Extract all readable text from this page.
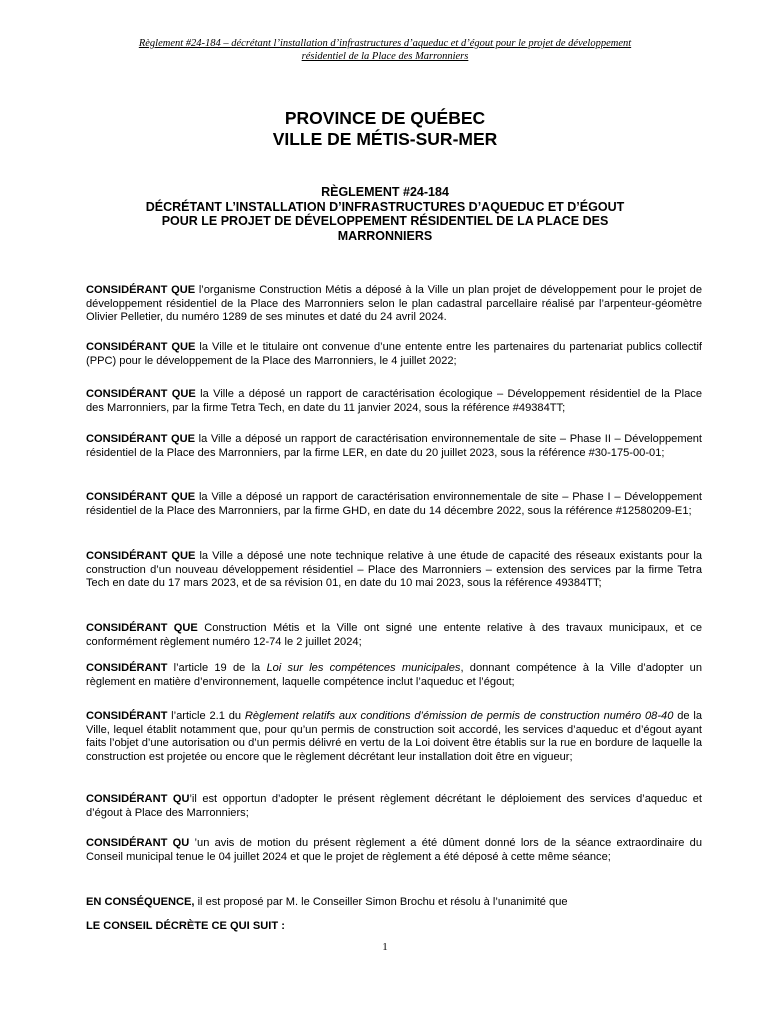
Règlement #24-184 – décrétant l’installation d’infrastructures d’aqueduc et d’égout pour le projet de développement
résidentiel de la Place des Marronniers
PROVINCE DE QUÉBEC
VILLE DE MÉTIS-SUR-MER
RÈGLEMENT #24-184
DÉCRÉTANT L’INSTALLATION D’INFRASTRUCTURES D’AQUEDUC ET D’ÉGOUT
POUR LE PROJET DE DÉVELOPPEMENT RÉSIDENTIEL DE LA PLACE DES
MARRONNIERS
CONSIDÉRANT QUE l’organisme Construction Métis a déposé à la Ville un plan projet de développement pour le projet de développement résidentiel de la Place des Marronniers selon le plan cadastral parcellaire réalisé par l’arpenteur-géomètre Olivier Pelletier, du numéro 1289 de ses minutes et daté du 24 avril 2024.
CONSIDÉRANT QUE la Ville et le titulaire ont convenue d’une entente entre les partenaires du partenariat publics collectif (PPC) pour le développement de la Place des Marronniers, le 4 juillet 2022;
CONSIDÉRANT QUE la Ville a déposé un rapport de caractérisation écologique – Développement résidentiel de la Place des Marronniers, par la firme Tetra Tech, en date du 11 janvier 2024, sous la référence #49384TT;
CONSIDÉRANT QUE la Ville a déposé un rapport de caractérisation environnementale de site – Phase II – Développement résidentiel de la Place des Marronniers, par la firme LER, en date du 20 juillet 2023, sous la référence #30-175-00-01;
CONSIDÉRANT QUE la Ville a déposé un rapport de caractérisation environnementale de site – Phase I – Développement résidentiel de la Place des Marronniers, par la firme GHD, en date du 14 décembre 2022, sous la référence #12580209-E1;
CONSIDÉRANT QUE la Ville a déposé une note technique relative à une étude de capacité des réseaux existants pour la construction d’un nouveau développement résidentiel – Place des Marronniers – extension des services par la firme Tetra Tech en date du 17 mars 2023, et de sa révision 01, en date du 10 mai 2023, sous la référence 49384TT;
CONSIDÉRANT QUE Construction Métis et la Ville ont signé une entente relative à des travaux municipaux, et ce conformément règlement numéro 12-74 le 2 juillet 2024;
CONSIDÉRANT l’article 19 de la Loi sur les compétences municipales, donnant compétence à la Ville d’adopter un règlement en matière d’environnement, laquelle compétence inclut l’aqueduc et l’égout;
CONSIDÉRANT l’article 2.1 du Règlement relatifs aux conditions d’émission de permis de construction numéro 08-40 de la Ville, lequel établit notamment que, pour qu’un permis de construction soit accordé, les services d’aqueduc et d’égout ayant faits l’objet d’une autorisation ou d’un permis délivré en vertu de la Loi doivent être établis sur la rue en bordure de laquelle la construction est projetée ou encore que le règlement décrétant leur installation doit être en vigueur;
CONSIDÉRANT QU’il est opportun d’adopter le présent règlement décrétant le déploiement des services d’aqueduc et d’égout à Place des Marronniers;
CONSIDÉRANT QU ’un avis de motion du présent règlement a été dûment donné lors de la séance extraordinaire du Conseil municipal tenue le 04 juillet 2024 et que le projet de règlement a été déposé à cette même séance;
EN CONSÉQUENCE, il est proposé par M. le Conseiller Simon Brochu et résolu à l’unanimité que
LE CONSEIL DÉCRÈTE CE QUI SUIT :
1
